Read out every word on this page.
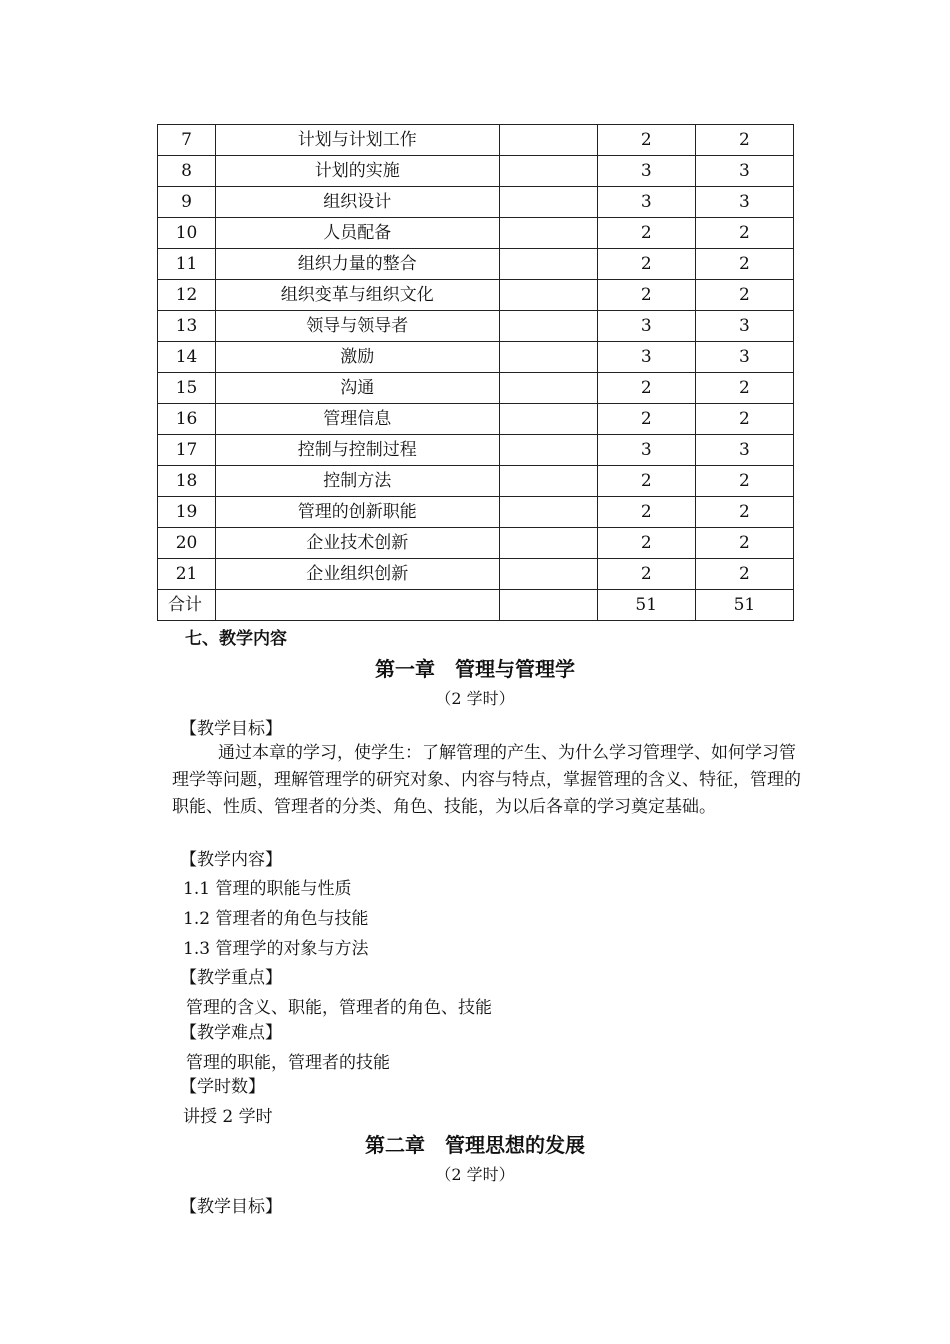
7	计划与计划工作		2	2
8	计划的实施		3	3
9	组织设计		3	3
10	人员配备		2	2
11	组织力量的整合		2	2
12	组织变革与组织文化		2	2
13	领导与领导者		3	3
14	激励		3	3
15	沟通		2	2
16	管理信息		2	2
17	控制与控制过程		3	3
18	控制方法		2	2
19	管理的创新职能		2	2
20	企业技术创新		2	2
21	企业组织创新		2	2
合计			51	51
七、教学内容
第一章　管理与管理学
（2 学时）
【教学目标】
通过本章的学习，使学生：了解管理的产生、为什么学习管理学、如何学习管理学等问题，理解管理学的研究对象、内容与特点，掌握管理的含义、特征，管理的职能、性质、管理者的分类、角色、技能，为以后各章的学习奠定基础。
【教学内容】
1.1 管理的职能与性质
1.2 管理者的角色与技能
1.3 管理学的对象与方法
【教学重点】
管理的含义、职能，管理者的角色、技能
【教学难点】
管理的职能，管理者的技能
【学时数】
讲授 2 学时
第二章　管理思想的发展
（2 学时）
【教学目标】
